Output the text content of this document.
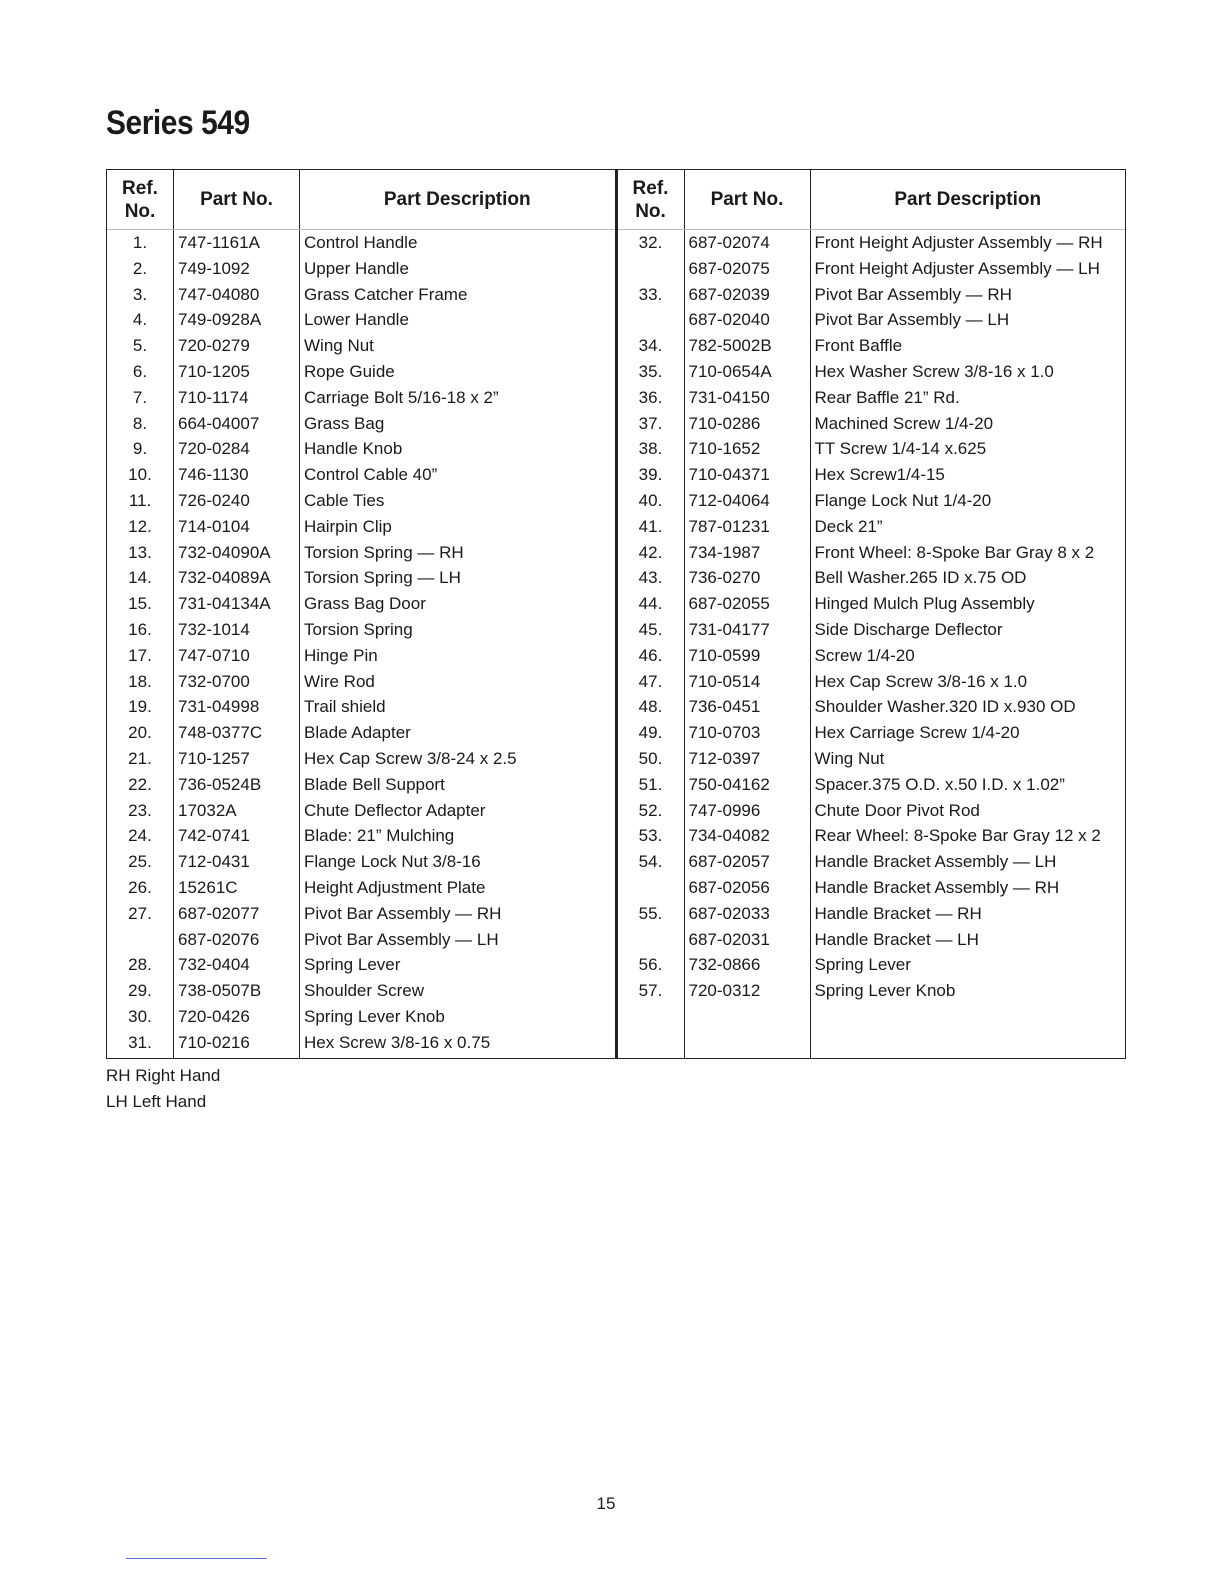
Series 549
Ref.
No.
Part No.	Part Description
1.
2.
3.
4.
5.
6.
7.
8.
9.
10.
11.
12.
13.
14.
15.
16.
17.
18.
19.
20.
21.
22.
23.
24.
25.
26.
27.
28.
29.
30.
31.
747-1161A
749-1092
747-04080
749-0928A
720-0279
710-1205
710-1174
664-04007
720-0284
746-1130
726-0240
714-0104
732-04090A
732-04089A
731-04134A
732-1014
747-0710
732-0700
731-04998
748-0377C
710-1257
736-0524B
17032A
742-0741
712-0431
15261C
687-02077
687-02076
732-0404
738-0507B
720-0426
710-0216
Control Handle
Upper Handle
Grass Catcher Frame
Lower Handle
Wing Nut
Rope Guide
Carriage Bolt 5/16-18 x 2”
Grass Bag
Handle Knob
Control Cable 40”
Cable Ties
Hairpin Clip
Torsion Spring — RH
Torsion Spring — LH
Grass Bag Door
Torsion Spring
Hinge Pin
Wire Rod
Trail shield
Blade Adapter
Hex Cap Screw 3/8-24 x 2.5
Blade Bell Support
Chute Deflector Adapter
Blade: 21” Mulching
Flange Lock Nut 3/8-16
Height Adjustment Plate
Pivot Bar Assembly — RH
Pivot Bar Assembly — LH
Spring Lever
Shoulder Screw
Spring Lever Knob
Hex Screw 3/8-16 x 0.75
Ref.
No.
Part No.	Part Description
32.
33.
34.
35.
36.
37.
38.
39.
40.
41.
42.
43.
44.
45.
46.
47.
48.
49.
50.
51.
52.
53.
54.
55.
56.
57.
687-02074
687-02075
687-02039
687-02040
782-5002B
710-0654A
731-04150
710-0286
710-1652
710-04371
712-04064
787-01231
734-1987
736-0270
687-02055
731-04177
710-0599
710-0514
736-0451
710-0703
712-0397
750-04162
747-0996
734-04082
687-02057
687-02056
687-02033
687-02031
732-0866
720-0312
Front Height Adjuster Assembly — RH
Front Height Adjuster Assembly — LH
Pivot Bar Assembly — RH
Pivot Bar Assembly — LH
Front Baffle
Hex Washer Screw 3/8-16 x 1.0
Rear Baffle 21” Rd.
Machined Screw 1/4-20
TT Screw 1/4-14 x.625
Hex Screw1/4-15
Flange Lock Nut 1/4-20
Deck 21”
Front Wheel: 8-Spoke Bar Gray 8 x 2
Bell Washer.265 ID x.75 OD
Hinged Mulch Plug Assembly
Side Discharge Deflector
Screw 1/4-20
Hex Cap Screw 3/8-16 x 1.0
Shoulder Washer.320 ID x.930 OD
Hex Carriage Screw 1/4-20
Wing Nut
Spacer.375 O.D. x.50 I.D. x 1.02”
Chute Door Pivot Rod
Rear Wheel: 8-Spoke Bar Gray 12 x 2
Handle Bracket Assembly — LH
Handle Bracket Assembly — RH
Handle Bracket — RH
Handle Bracket — LH
Spring Lever
Spring Lever Knob
RH Right Hand
LH Left Hand
15
